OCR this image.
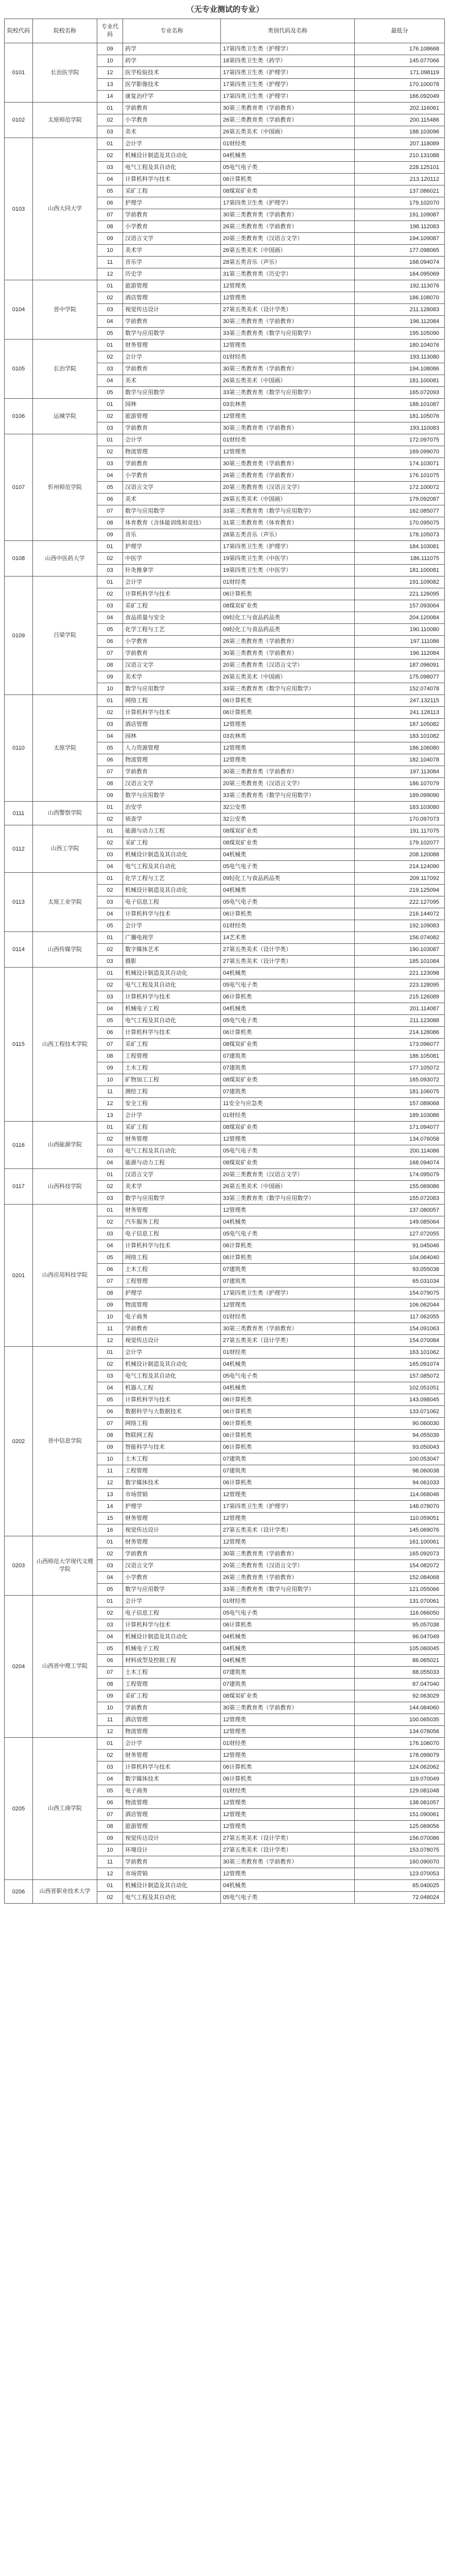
（无专业测试的专业）
院校代码	院校名称	专业代码	专业名称	类别代码及名称	最低分
0101	长治医学院	09	药学	17第四类卫生类（护理学）	176.108668
		10	药学	18第四类卫生类（药学）	145.077066
		12	医学检验技术	17第四类卫生类（护理学）	171.098119
		13	医学影像技术	17第四类卫生类（护理学）	170.100078
		14	康复治疗学	17第四类卫生类（护理学）	166.092049
0102	太原师范学院	01	学前教育	30第三类教育类（学前教育）	202.116061
		02	小学教育	26第三类教育类（学前教育）	200.115486
		03	美术	26第五类美术（中国画）	188.103096
0103	山西大同大学	01	会计学	01财经类	207.118089
		02	机械设计制造及其自动化	04机械类	210.131088
		03	电气工程及其自动化	05电气电子类	228.125101
		04	计算机科学与技术	06计算机类	213.120112
		05	采矿工程	08煤炭矿业类	137.086021
		06	护理学	17第四类卫生类（护理学）	179.102070
		07	学前教育	30第三类教育类（学前教育）	191.109087
		08	小学教育	26第三类教育类（学前教育）	198.112083
		09	汉语言文学	20第三类教育类（汉语言文学）	194.109087
		10	美术学	26第五类美术（中国画）	177.098065
		11	音乐学	28第五类音乐（声乐）	168.094074
		12	历史学	31第三类教育类（历史学）	164.095069
0104	晋中学院	01	旅游管理	12管理类	192.113076
		02	酒店管理	12管理类	186.108070
		03	视觉传达设计	27第五类美术（设计学类）	211.128083
		04	学前教育	30第三类教育类（学前教育）	196.112084
		05	数学与应用数学	33第三类教育类（数学与应用数学）	195.105090
0105	长治学院	01	财务管理	12管理类	180.104076
		02	会计学	01财经类	193.113080
		03	学前教育	30第三类教育类（学前教育）	194.108086
		04	美术	26第五类美术（中国画）	181.100081
		05	数学与应用数学	33第三类教育类（数学与应用数学）	165.072093
0106	运城学院	01	园林	03农林类	188.101087
		02	旅游管理	12管理类	181.105076
		03	学前教育	30第三类教育类（学前教育）	193.110083
0107	忻州师范学院	01	会计学	01财经类	172.097075
		02	物流管理	12管理类	169.099070
		03	学前教育	30第三类教育类（学前教育）	174.103071
		04	小学教育	26第三类教育类（学前教育）	176.101075
		05	汉语言文学	20第三类教育类（汉语言文学）	172.100072
		06	美术	26第五类美术（中国画）	179.092087
		07	数学与应用数学	33第三类教育类（数学与应用数学）	162.085077
		08	体育教育（含体能训练和竞技）	31第三类教育类（体育教育）	170.095075
		09	音乐	28第五类音乐（声乐）	178.105073
0108	山西中医药大学	01	护理学	17第四类卫生类（护理学）	184.103081
		02	中医学	19第四类卫生类（中医学）	186.111075
		03	针灸推拿学	19第四类卫生类（中医学）	181.100081
0109	吕梁学院	01	会计学	01财经类	191.109082
		02	计算机科学与技术	06计算机类	221.126095
		03	采矿工程	08煤炭矿业类	157.093064
		04	食品质量与安全	09轻化工与食品药品类	204.120084
		05	化学工程与工艺	09轻化工与食品药品类	190.110080
		06	小学教育	26第三类教育类（学前教育）	197.111086
		07	学前教育	30第三类教育类（学前教育）	196.112084
		08	汉语言文学	20第三类教育类（汉语言文学）	187.096091
		09	美术学	26第五类美术（中国画）	175.098077
		10	数学与应用数学	33第三类教育类（数学与应用数学）	152.074078
0110	太原学院	01	网络工程	06计算机类	247.132115
		02	计算机科学与技术	06计算机类	241.128113
		03	酒店管理	12管理类	187.105082
		04	园林	03农林类	183.101082
		05	人力资源管理	12管理类	186.106080
		06	物流管理	12管理类	182.104078
		07	学前教育	30第三类教育类（学前教育）	197.113084
		08	汉语言文学	20第三类教育类（汉语言文学）	186.107079
		09	数学与应用数学	33第三类教育类（数学与应用数学）	189.099090
0111	山西警察学院	01	治安学	32公安类	183.103080
		02	侦查学	32公安类	170.097073
0112	山西工学院	01	能源与动力工程	08煤炭矿业类	191.117075
		02	采矿工程	08煤炭矿业类	179.102077
		03	机械设计制造及其自动化	04机械类	208.120088
		04	电气工程及其自动化	05电气电子类	214.124090
0113	太原工业学院	01	化学工程与工艺	09轻化工与食品药品类	209.117092
		02	机械设计制造及其自动化	04机械类	219.125094
		03	电子信息工程	05电气电子类	222.127095
		04	计算机科学与技术	06计算机类	216.144072
		05	会计学	01财经类	192.109083
0114	山西传媒学院	01	广播电视学	14艺术类	156.074082
		02	数字媒体艺术	27第五类美术（设计学类）	190.103087
		03	摄影	27第五类美术（设计学类）	185.101084
0115	山西工程技术学院	01	机械设计制造及其自动化	04机械类	221.123098
		02	电气工程及其自动化	05电气电子类	223.128095
		03	计算机科学与技术	06计算机类	215.126089
		04	机械电子工程	04机械类	201.114087
		05	电气工程及其自动化	05电气电子类	211.123088
		06	计算机科学与技术	06计算机类	214.128086
		07	采矿工程	08煤炭矿业类	173.096077
		08	工程管理	07建筑类	186.105081
		09	土木工程	07建筑类	177.105072
		10	矿物加工工程	08煤炭矿业类	165.093072
		11	测绘工程	07建筑类	181.106075
		12	安全工程	11安全与应急类	157.089068
		13	会计学	01财经类	189.103086
0116	山西能源学院	01	采矿工程	08煤炭矿业类	171.094077
		02	财务管理	12管理类	134.076058
		03	电气工程及其自动化	05电气电子类	200.114086
		04	能源与动力工程	08煤炭矿业类	168.094074
0117	山西科技学院	01	汉语言文学	20第三类教育类（汉语言文学）	174.095079
		02	美术学	26第五类美术（中国画）	155.069086
		03	数学与应用数学	33第三类教育类（数学与应用数学）	155.072083
0201	山西应用科技学院	01	财务管理	12管理类	137.080057
		02	汽车服务工程	04机械类	149.085064
		03	电子信息工程	05电气电子类	127.072055
		04	计算机科学与技术	06计算机类	91.045046
		05	网络工程	06计算机类	104.064040
		06	土木工程	07建筑类	93.055038
		07	工程管理	07建筑类	65.031034
		08	护理学	17第四类卫生类（护理学）	154.079075
		09	物流管理	12管理类	106.062044
		10	电子商务	01财经类	117.062055
		11	学前教育	30第三类教育类（学前教育）	154.091063
		12	视觉传达设计	27第五类美术（设计学类）	154.070084
0202	晋中信息学院	01	会计学	01财经类	163.101062
		02	机械设计制造及其自动化	04机械类	165.091074
		03	电气工程及其自动化	05电气电子类	157.085072
		04	机器人工程	04机械类	102.051051
		05	计算机科学与技术	06计算机类	143.098045
		06	数据科学与大数据技术	06计算机类	133.071062
		07	网络工程	06计算机类	90.060030
		08	物联网工程	06计算机类	94.055039
		09	智能科学与技术	06计算机类	93.050043
		10	土木工程	07建筑类	100.053047
		11	工程管理	07建筑类	98.060038
		12	数字媒体技术	06计算机类	94.061033
		13	市场营销	12管理类	114.068046
		14	护理学	17第四类卫生类（护理学）	148.078070
		15	财务管理	12管理类	110.059051
		16	视觉传达设计	27第五类美术（设计学类）	145.069076
0203	山西师范大学现代文理学院	01	财务管理	12管理类	161.100061
		02	学前教育	30第三类教育类（学前教育）	165.092073
		03	汉语言文学	20第三类教育类（汉语言文学）	154.082072
		04	小学教育	26第三类教育类（学前教育）	152.084068
		05	数学与应用数学	33第三类教育类（数学与应用数学）	121.055066
0204	山西晋中理工学院	01	会计学	01财经类	131.070061
		02	电子信息工程	05电气电子类	116.066050
		03	计算机科学与技术	06计算机类	95.057038
		04	机械设计制造及其自动化	04机械类	96.047049
		05	机械电子工程	04机械类	105.060045
		06	材料成型及控制工程	04机械类	86.065021
		07	土木工程	07建筑类	88.055033
		08	工程管理	07建筑类	87.047040
		09	采矿工程	08煤炭矿业类	92.063029
		10	学前教育	30第三类教育类（学前教育）	144.084060
		11	酒店管理	12管理类	100.065035
		12	物流管理	12管理类	134.078056
0205	山西工商学院	01	会计学	01财经类	176.106070
		02	财务管理	12管理类	178.099079
		03	计算机科学与技术	06计算机类	124.062062
		04	数字媒体技术	06计算机类	119.070049
		05	电子商务	01财经类	129.081048
		06	物流管理	12管理类	138.081057
		07	酒店管理	12管理类	151.090061
		08	旅游管理	12管理类	125.069056
		09	视觉传达设计	27第五类美术（设计学类）	156.070086
		10	环境设计	27第五类美术（设计学类）	153.078075
		11	学前教育	30第三类教育类（学前教育）	160.090070
		12	市场营销	12管理类	123.070053
0206	山西晋职业技术大学	01	机械设计制造及其自动化	04机械类	65.040025
		02	电气工程及其自动化	05电气电子类	72.048024
